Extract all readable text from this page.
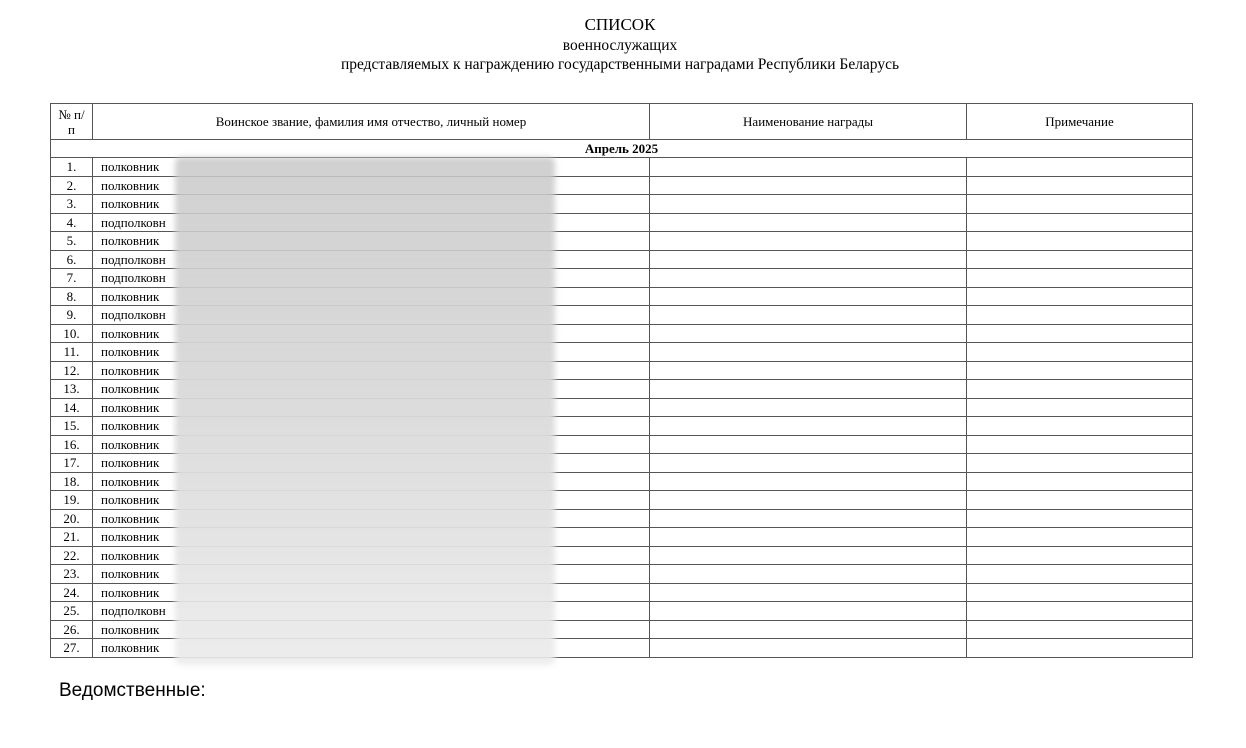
СПИСОК
военнослужащих
представляемых к награждению государственными наградами Республики Беларусь
№ п/п	Воинское звание, фамилия имя отчество, личный номер	Наименование награды	Примечание
Апрель 2025			
1.	полковник		
2.	полковник		
3.	полковник		
4.	подполковн		
5.	полковник		
6.	подполковн		
7.	подполковн		
8.	полковник		
9.	подполковн		
10.	полковник		
11.	полковник		
12.	полковник		
13.	полковник		
14.	полковник		
15.	полковник		
16.	полковник		
17.	полковник		
18.	полковник		
19.	полковник		
20.	полковник		
21.	полковник		
22.	полковник		
23.	полковник		
24.	полковник		
25.	подполковн		
26.	полковник		
27.	полковник		
Ведомственные:
